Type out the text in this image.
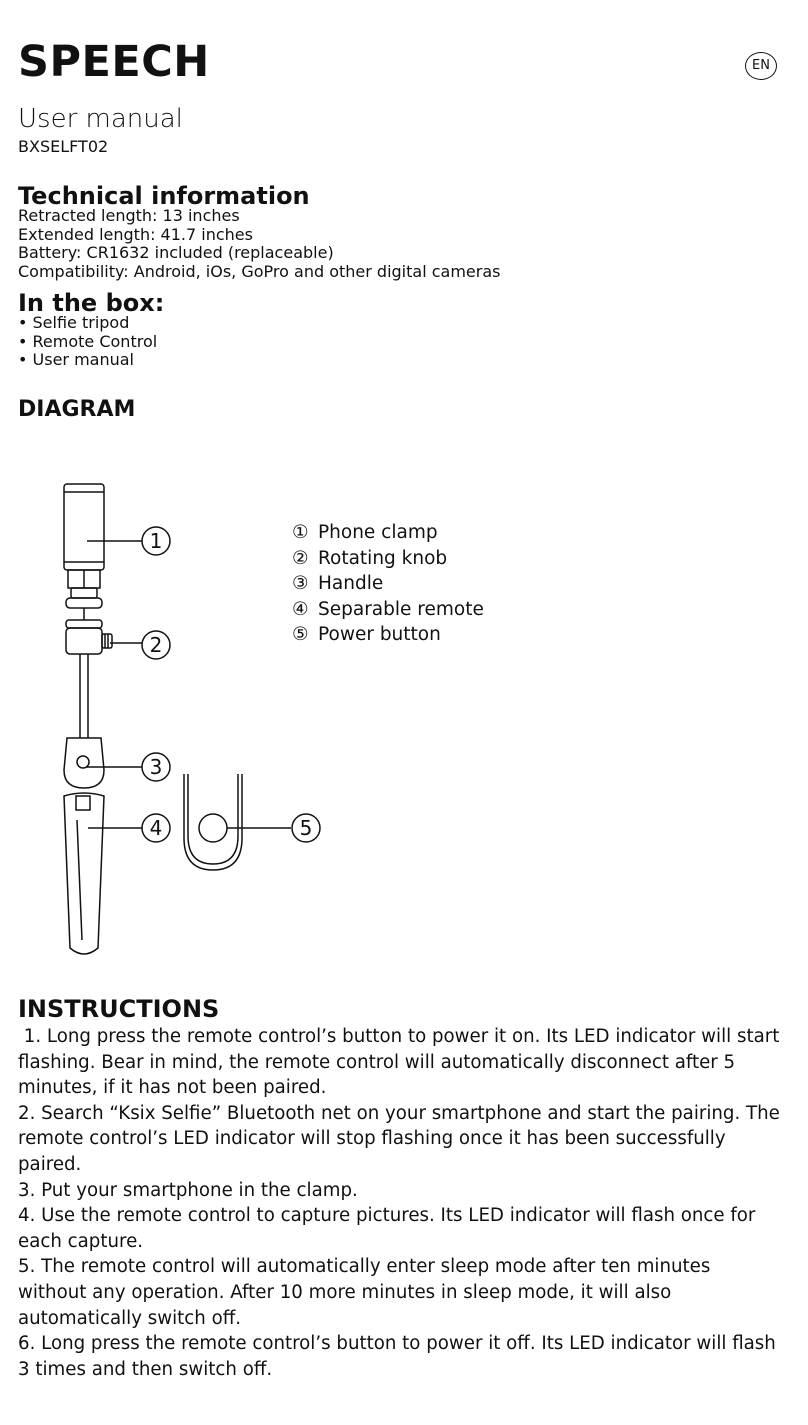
SPEECH	EN
User manual
BXSELFT02
Technical information
Retracted length: 13 inches
Extended length: 41.7 inches
Battery: CR1632 included (replaceable)
Compatibility: Android, iOs, GoPro and other digital cameras
In the box:
• Selfie tripod
• Remote Control
• User manual
DIAGRAM
1
2
3
4	5
① Phone clamp
② Rotating knob
③ Handle
④ Separable remote
⑤ Power button
INSTRUCTIONS
1. Long press the remote control’s button to power it on. Its LED indicator will start
flashing. Bear in mind, the remote control will automatically disconnect after 5
minutes, if it has not been paired.
2. Search “Ksix Selfie” Bluetooth net on your smartphone and start the pairing. The
remote control’s LED indicator will stop flashing once it has been successfully
paired.
3. Put your smartphone in the clamp.
4. Use the remote control to capture pictures. Its LED indicator will flash once for
each capture.
5. The remote control will automatically enter sleep mode after ten minutes
without any operation. After 10 more minutes in sleep mode, it will also
automatically switch off.
6. Long press the remote control’s button to power it off. Its LED indicator will flash
3 times and then switch off.
